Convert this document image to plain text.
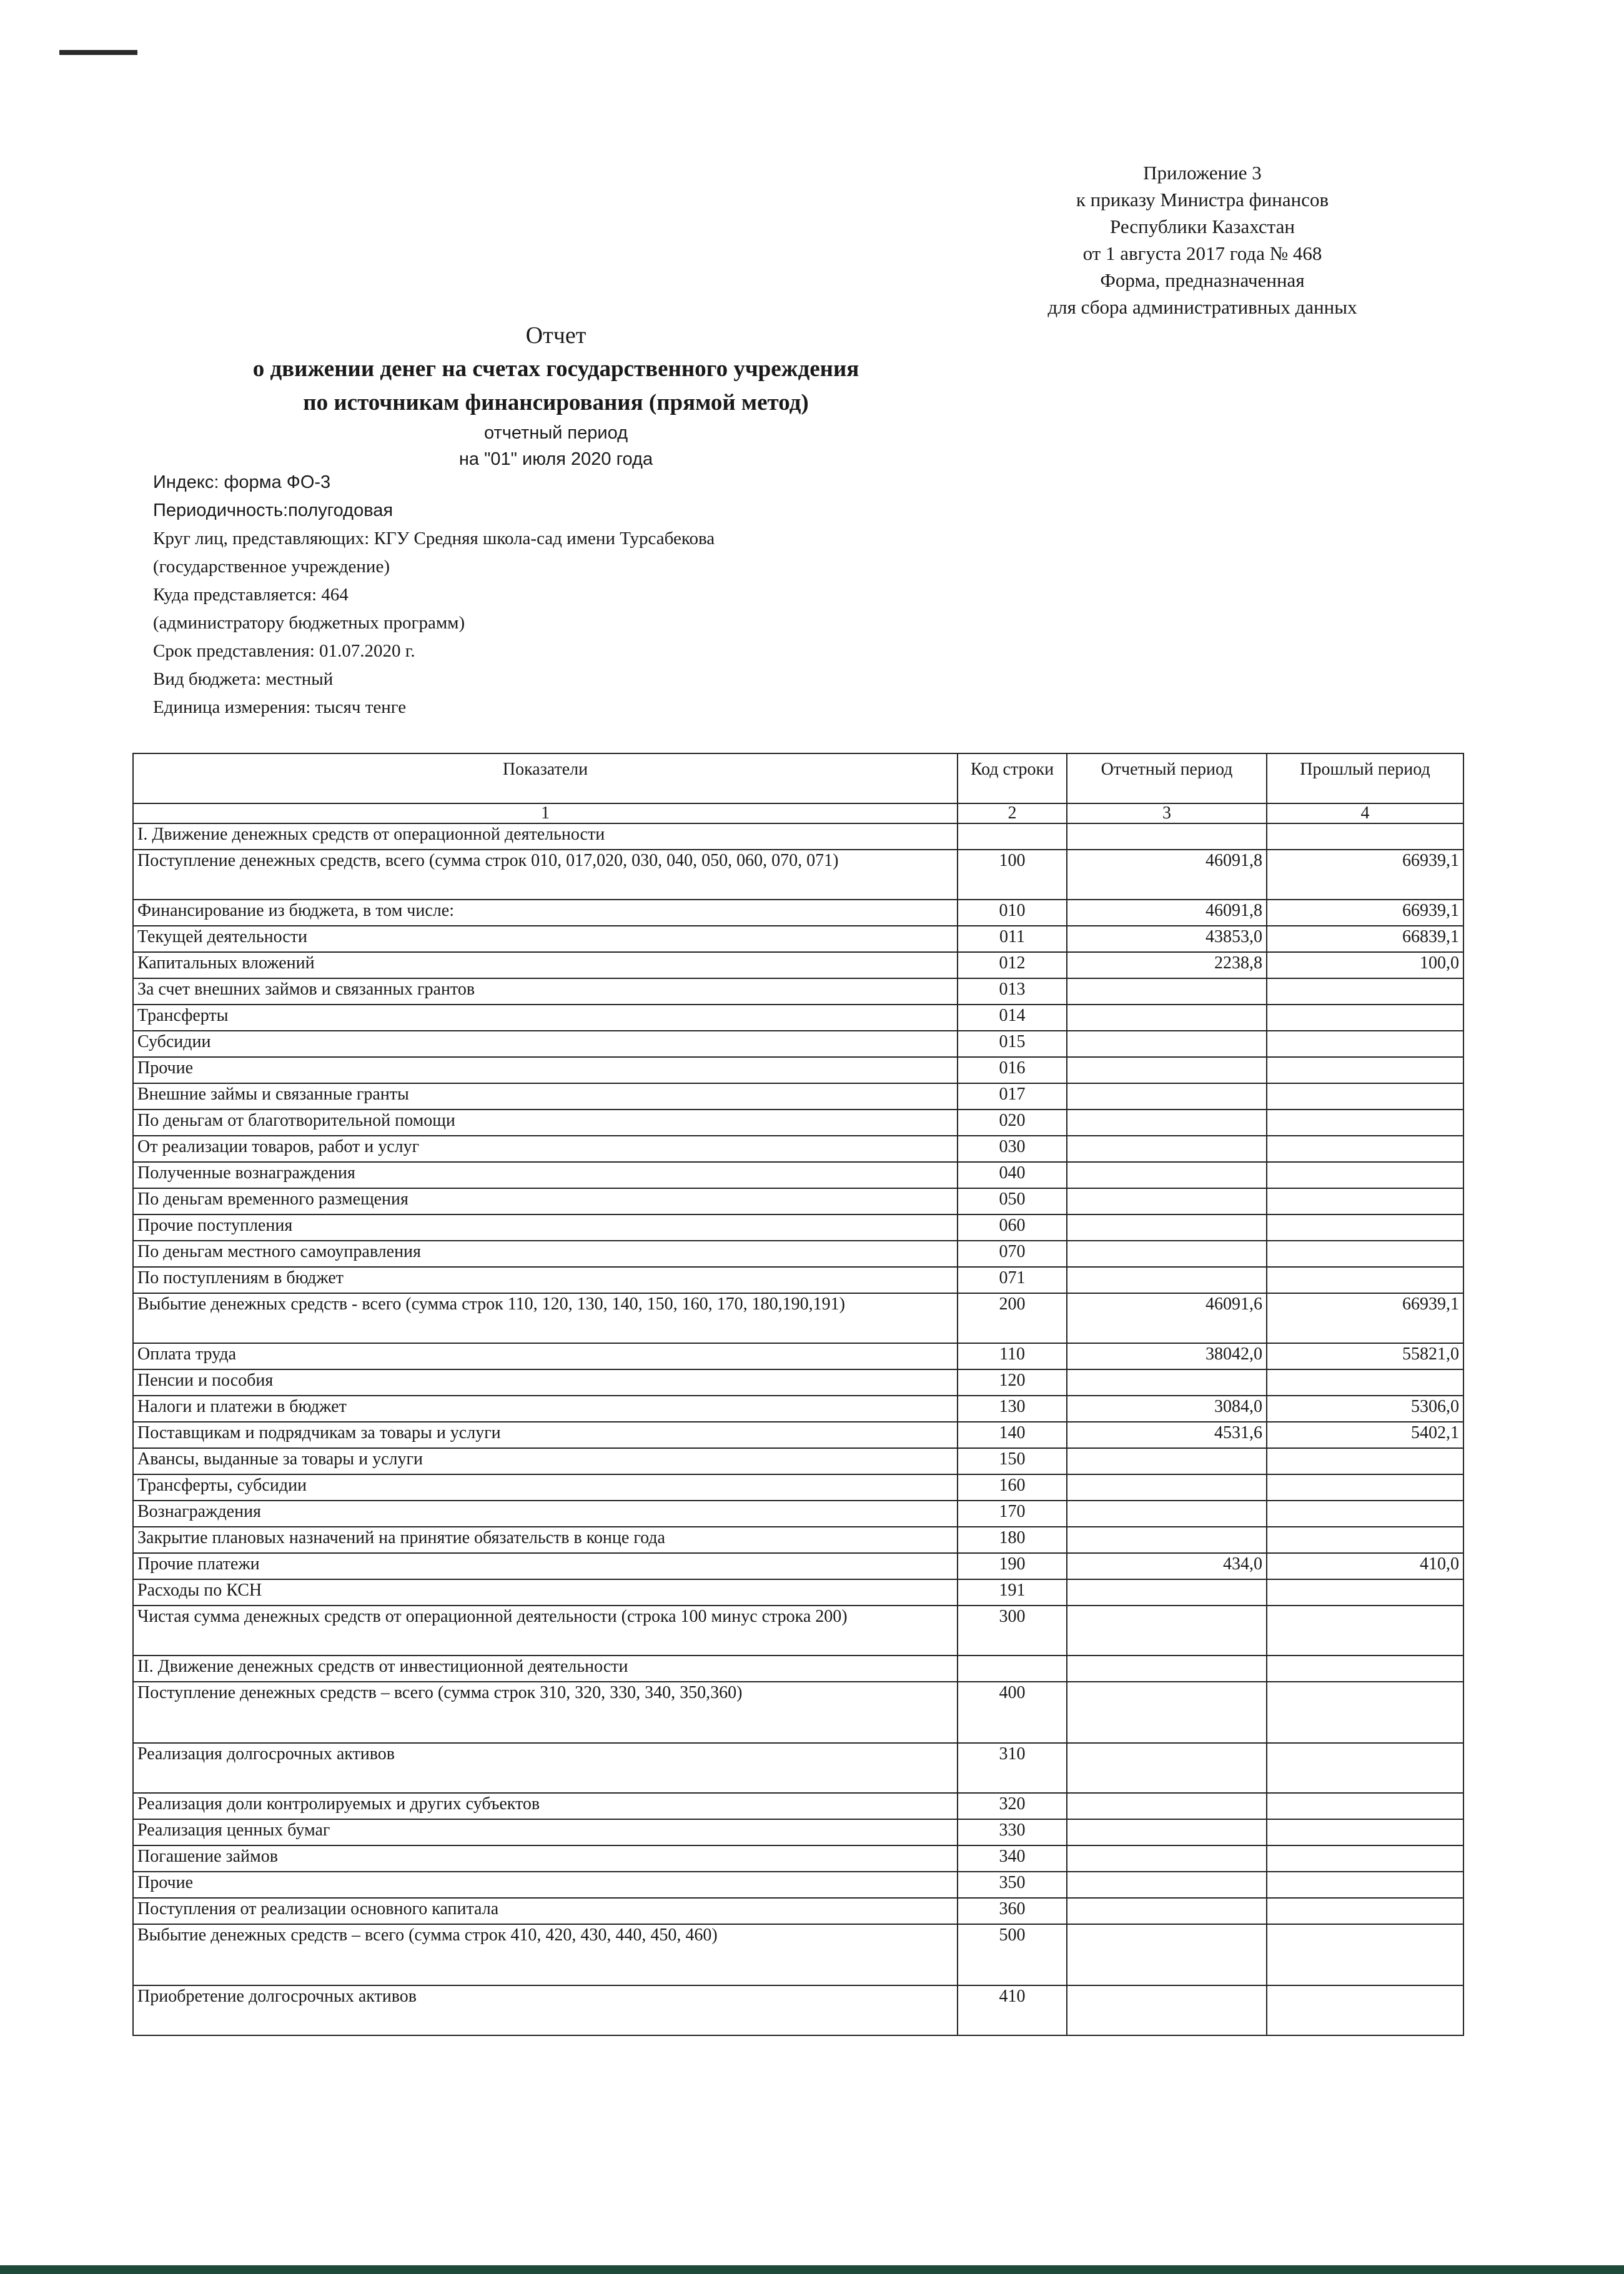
Приложение 3
к приказу Министра финансов
Республики Казахстан
от 1 августа 2017 года № 468
Форма, предназначенная
для сбора административных данных
Отчет
о движении денег на счетах государственного учреждения
по источникам финансирования (прямой метод)
отчетный период
на "01" июля 2020 года
Индекс: форма ФО-3
Периодичность:полугодовая
Круг лиц, представляющих: КГУ Средняя школа-сад имени Турсабекова
(государственное учреждение)
Куда представляется: 464
(администратору бюджетных программ)
Срок представления: 01.07.2020 г.
Вид бюджета: местный
Единица измерения: тысяч тенге
Показатели	Код строки	Отчетный период	Прошлый период
1	2	3	4
I. Движение денежных средств от операционной деятельности			
Поступление денежных средств, всего (сумма строк 010, 017,020, 030, 040, 050, 060, 070, 071)	100	46091,8	66939,1
Финансирование из бюджета, в том числе:	010	46091,8	66939,1
Текущей деятельности	011	43853,0	66839,1
Капитальных вложений	012	2238,8	100,0
За счет внешних займов и связанных грантов	013		
Трансферты	014		
Субсидии	015		
Прочие	016		
Внешние займы и связанные гранты	017		
По деньгам от благотворительной помощи	020		
От реализации товаров, работ и услуг	030		
Полученные вознаграждения	040		
По деньгам временного размещения	050		
Прочие поступления	060		
По деньгам местного самоуправления	070		
По поступлениям в бюджет	071		
Выбытие денежных средств - всего (сумма строк 110, 120, 130, 140, 150, 160, 170, 180,190,191)	200	46091,6	66939,1
Оплата труда	110	38042,0	55821,0
Пенсии и пособия	120		
Налоги и платежи в бюджет	130	3084,0	5306,0
Поставщикам и подрядчикам за товары и услуги	140	4531,6	5402,1
Авансы, выданные за товары и услуги	150		
Трансферты, субсидии	160		
Вознаграждения	170		
Закрытие плановых назначений на принятие обязательств в конце года	180		
Прочие платежи	190	434,0	410,0
Расходы по КСН	191		
Чистая сумма денежных средств от операционной деятельности (строка 100 минус строка 200)	300		
II. Движение денежных средств от инвестиционной деятельности			
Поступление денежных средств – всего (сумма строк 310, 320, 330, 340, 350,360)	400		
Реализация долгосрочных активов	310		
Реализация доли контролируемых и других субъектов	320		
Реализация ценных бумаг	330		
Погашение займов	340		
Прочие	350		
Поступления от реализации основного капитала	360		
Выбытие денежных средств – всего (сумма строк 410, 420, 430, 440, 450, 460)	500		
Приобретение долгосрочных активов	410		
